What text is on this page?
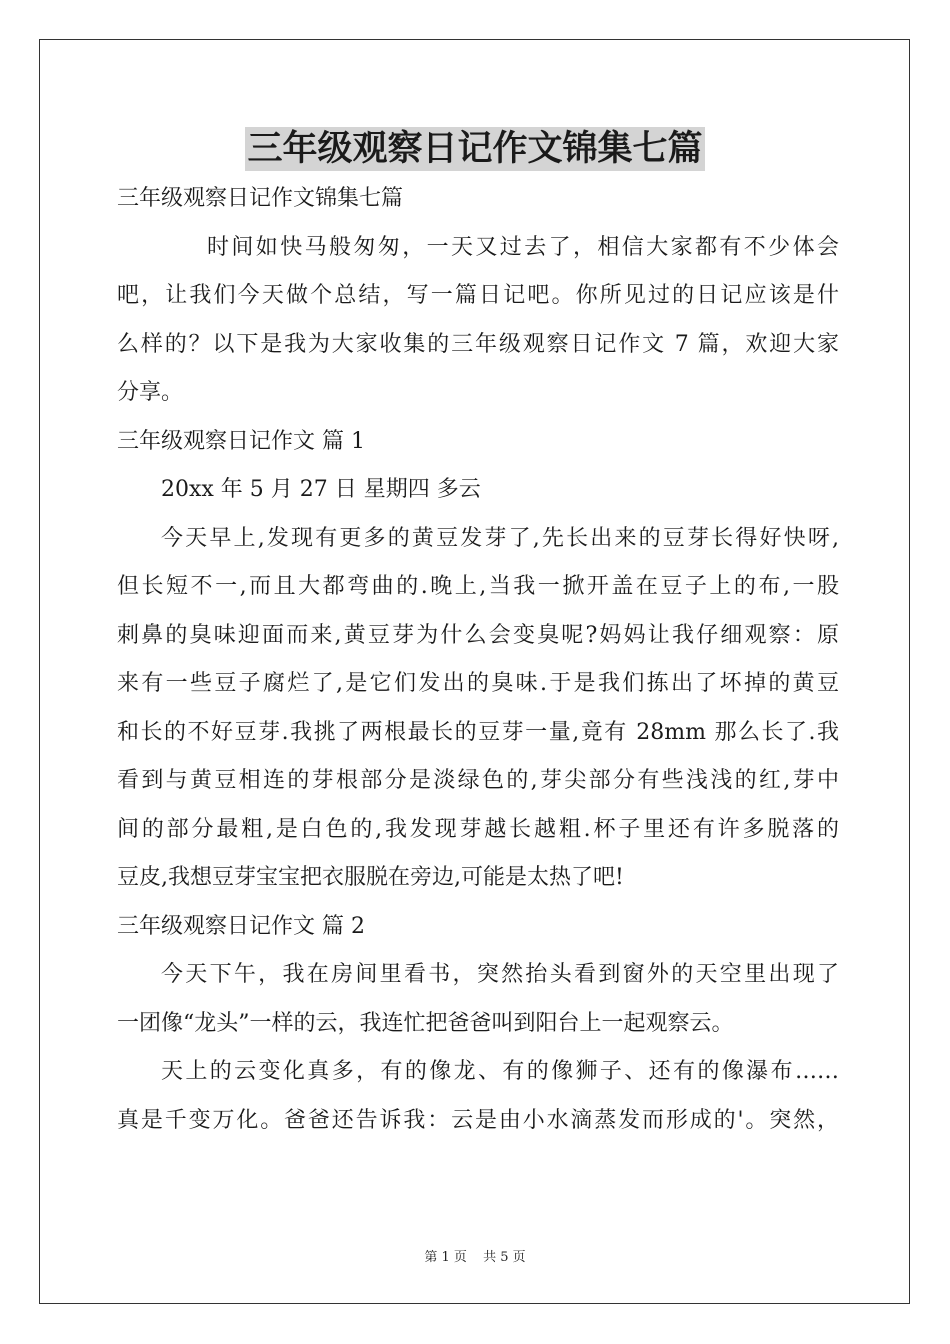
三年级观察日记作文锦集七篇
三年级观察日记作文锦集七篇
时间如快马般匆匆，一天又过去了，相信大家都有不少体会
吧，让我们今天做个总结，写一篇日记吧。你所见过的日记应该是什
么样的？以下是我为大家收集的三年级观察日记作文 7 篇，欢迎大家
分享。
三年级观察日记作文 篇 1
20xx 年 5 月 27 日 星期四 多云
今天早上,发现有更多的黄豆发芽了,先长出来的豆芽长得好快呀,
但长短不一,而且大都弯曲的.晚上,当我一掀开盖在豆子上的布,一股
刺鼻的臭味迎面而来,黄豆芽为什么会变臭呢?妈妈让我仔细观察：原
来有一些豆子腐烂了,是它们发出的臭味.于是我们拣出了坏掉的黄豆
和长的不好豆芽.我挑了两根最长的豆芽一量,竟有 28mm 那么长了.我
看到与黄豆相连的芽根部分是淡绿色的,芽尖部分有些浅浅的红,芽中
间的部分最粗,是白色的,我发现芽越长越粗.杯子里还有许多脱落的
豆皮,我想豆芽宝宝把衣服脱在旁边,可能是太热了吧!
三年级观察日记作文 篇 2
今天下午，我在房间里看书，突然抬头看到窗外的天空里出现了
一团像“龙头”一样的云，我连忙把爸爸叫到阳台上一起观察云。
天上的云变化真多，有的像龙、有的像狮子、还有的像瀑布……
真是千变万化。爸爸还告诉我：云是由小水滴蒸发而形成的'。突然，
第 1 页 共 5 页
